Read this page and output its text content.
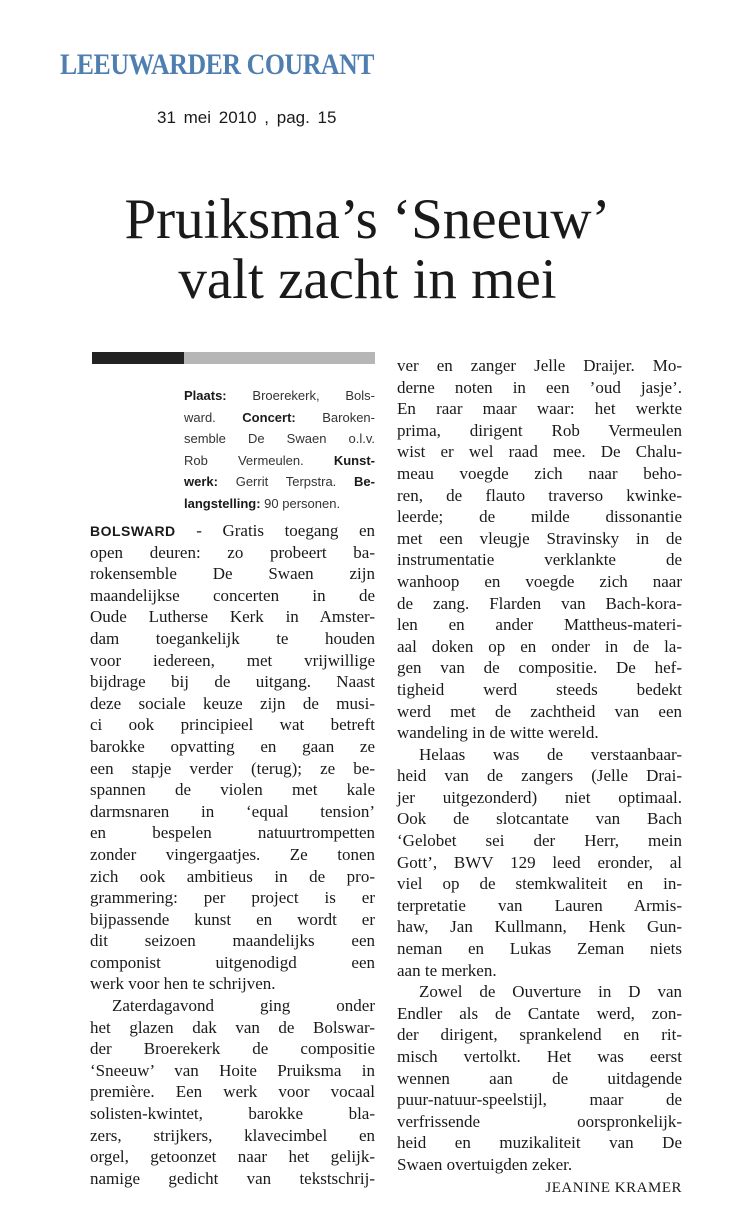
LEEUWARDER COURANT
31 mei 2010 , pag. 15
Pruiksma’s ‘Sneeuw’
valt zacht in mei
Plaats: Broerekerk, Bols-
ward. Concert: Baroken-
semble De Swaen o.l.v.
Rob Vermeulen. Kunst-
werk: Gerrit Terpstra. Be-
langstelling: 90 personen.
BOLSWARD - Gratis toegang en
open deuren: zo probeert ba-
rokensemble De Swaen zijn
maandelijkse concerten in de
Oude Lutherse Kerk in Amster-
dam toegankelijk te houden
voor iedereen, met vrijwillige
bijdrage bij de uitgang. Naast
deze sociale keuze zijn de musi-
ci ook principieel wat betreft
barokke opvatting en gaan ze
een stapje verder (terug); ze be-
spannen de violen met kale
darmsnaren in ‘equal tension’
en bespelen natuurtrompetten
zonder vingergaatjes. Ze tonen
zich ook ambitieus in de pro-
grammering: per project is er
bijpassende kunst en wordt er
dit seizoen maandelijks een
componist uitgenodigd een
werk voor hen te schrijven.
Zaterdagavond ging onder
het glazen dak van de Bolswar-
der Broerekerk de compositie
‘Sneeuw’ van Hoite Pruiksma in
première. Een werk voor vocaal
solisten-kwintet, barokke bla-
zers, strijkers, klavecimbel en
orgel, getoonzet naar het gelijk-
namige gedicht van tekstschrij-
ver en zanger Jelle Draijer. Mo-
derne noten in een ’oud jasje’.
En raar maar waar: het werkte
prima, dirigent Rob Vermeulen
wist er wel raad mee. De Chalu-
meau voegde zich naar beho-
ren, de flauto traverso kwinke-
leerde; de milde dissonantie
met een vleugje Stravinsky in de
instrumentatie verklankte de
wanhoop en voegde zich naar
de zang. Flarden van Bach-kora-
len en ander Mattheus-materi-
aal doken op en onder in de la-
gen van de compositie. De hef-
tigheid werd steeds bedekt
werd met de zachtheid van een
wandeling in de witte wereld.
Helaas was de verstaanbaar-
heid van de zangers (Jelle Drai-
jer uitgezonderd) niet optimaal.
Ook de slotcantate van Bach
‘Gelobet sei der Herr, mein
Gott’, BWV 129 leed eronder, al
viel op de stemkwaliteit en in-
terpretatie van Lauren Armis-
haw, Jan Kullmann, Henk Gun-
neman en Lukas Zeman niets
aan te merken.
Zowel de Ouverture in D van
Endler als de Cantate werd, zon-
der dirigent, sprankelend en rit-
misch vertolkt. Het was eerst
wennen aan de uitdagende
puur-natuur-speelstijl, maar de
verfrissende oorspronkelijk-
heid en muzikaliteit van De
Swaen overtuigden zeker.
JEANINE KRAMER
